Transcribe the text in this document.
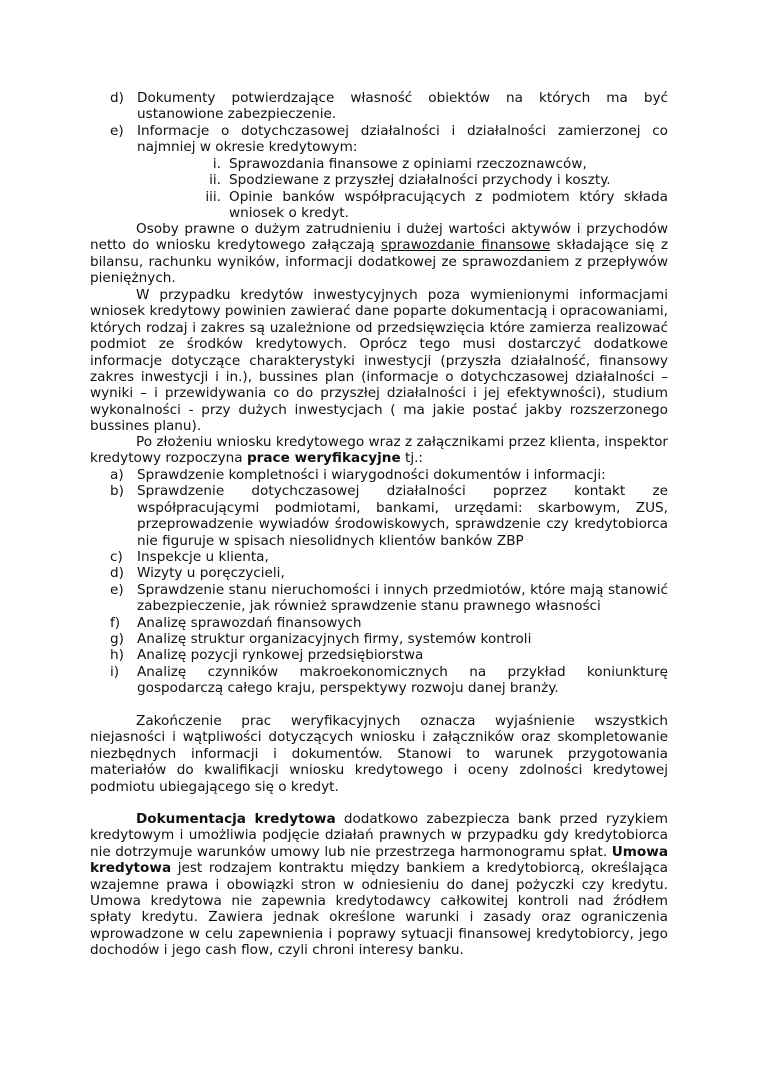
d) Dokumenty potwierdzające własność obiektów na których ma być ustanowione zabezpieczenie.
e) Informacje o dotychczasowej działalności i działalności zamierzonej co najmniej w okresie kredytowym:
i. Sprawozdania finansowe z opiniami rzeczoznawców,
ii. Spodziewane z przyszłej działalności przychody i koszty.
iii. Opinie banków współpracujących z podmiotem który składa wniosek o kredyt.
Osoby prawne o dużym zatrudnieniu i dużej wartości aktywów i przychodów netto do wniosku kredytowego załączają sprawozdanie finansowe składające się z bilansu, rachunku wyników, informacji dodatkowej ze sprawozdaniem z przepływów pieniężnych.
W przypadku kredytów inwestycyjnych poza wymienionymi informacjami wniosek kredytowy powinien zawierać dane poparte dokumentacją i opracowaniami, których rodzaj i zakres są uzależnione od przedsięwzięcia które zamierza realizować podmiot ze środków kredytowych. Oprócz tego musi dostarczyć dodatkowe informacje dotyczące charakterystyki inwestycji (przyszła działalność, finansowy zakres inwestycji i in.), bussines plan (informacje o dotychczasowej działalności – wyniki – i przewidywania co do przyszłej działalności i jej efektywności), studium wykonalności - przy dużych inwestycjach ( ma jakie postać jakby rozszerzonego bussines planu).
Po złożeniu wniosku kredytowego wraz z załącznikami przez klienta, inspektor kredytowy rozpoczyna prace weryfikacyjne tj.:
a) Sprawdzenie kompletności i wiarygodności dokumentów i informacji:
b) Sprawdzenie dotychczasowej działalności poprzez kontakt ze współpracującymi podmiotami, bankami, urzędami: skarbowym, ZUS, przeprowadzenie wywiadów środowiskowych, sprawdzenie czy kredytobiorca nie figuruje w spisach niesolidnych klientów banków ZBP
c) Inspekcje u klienta,
d) Wizyty u poręczycieli,
e) Sprawdzenie stanu nieruchomości i innych przedmiotów, które mają stanowić zabezpieczenie, jak również sprawdzenie stanu prawnego własności
f) Analizę sprawozdań finansowych
g) Analizę struktur organizacyjnych firmy, systemów kontroli
h) Analizę pozycji rynkowej przedsiębiorstwa
i) Analizę czynników makroekonomicznych na przykład koniunkturę gospodarczą całego kraju, perspektywy rozwoju danej branży.
Zakończenie prac weryfikacyjnych oznacza wyjaśnienie wszystkich niejasności i wątpliwości dotyczących wniosku i załączników oraz skompletowanie niezbędnych informacji i dokumentów. Stanowi to warunek przygotowania materiałów do kwalifikacji wniosku kredytowego i oceny zdolności kredytowej podmiotu ubiegającego się o kredyt.
Dokumentacja kredytowa dodatkowo zabezpiecza bank przed ryzykiem kredytowym i umożliwia podjęcie działań prawnych w przypadku gdy kredytobiorca nie dotrzymuje warunków umowy lub nie przestrzega harmonogramu spłat. Umowa kredytowa jest rodzajem kontraktu między bankiem a kredytobiorcą, określająca wzajemne prawa i obowiązki stron w odniesieniu do danej pożyczki czy kredytu. Umowa kredytowa nie zapewnia kredytodawcy całkowitej kontroli nad źródłem spłaty kredytu. Zawiera jednak określone warunki i zasady oraz ograniczenia wprowadzone w celu zapewnienia i poprawy sytuacji finansowej kredytobiorcy, jego dochodów i jego cash flow, czyli chroni interesy banku.
